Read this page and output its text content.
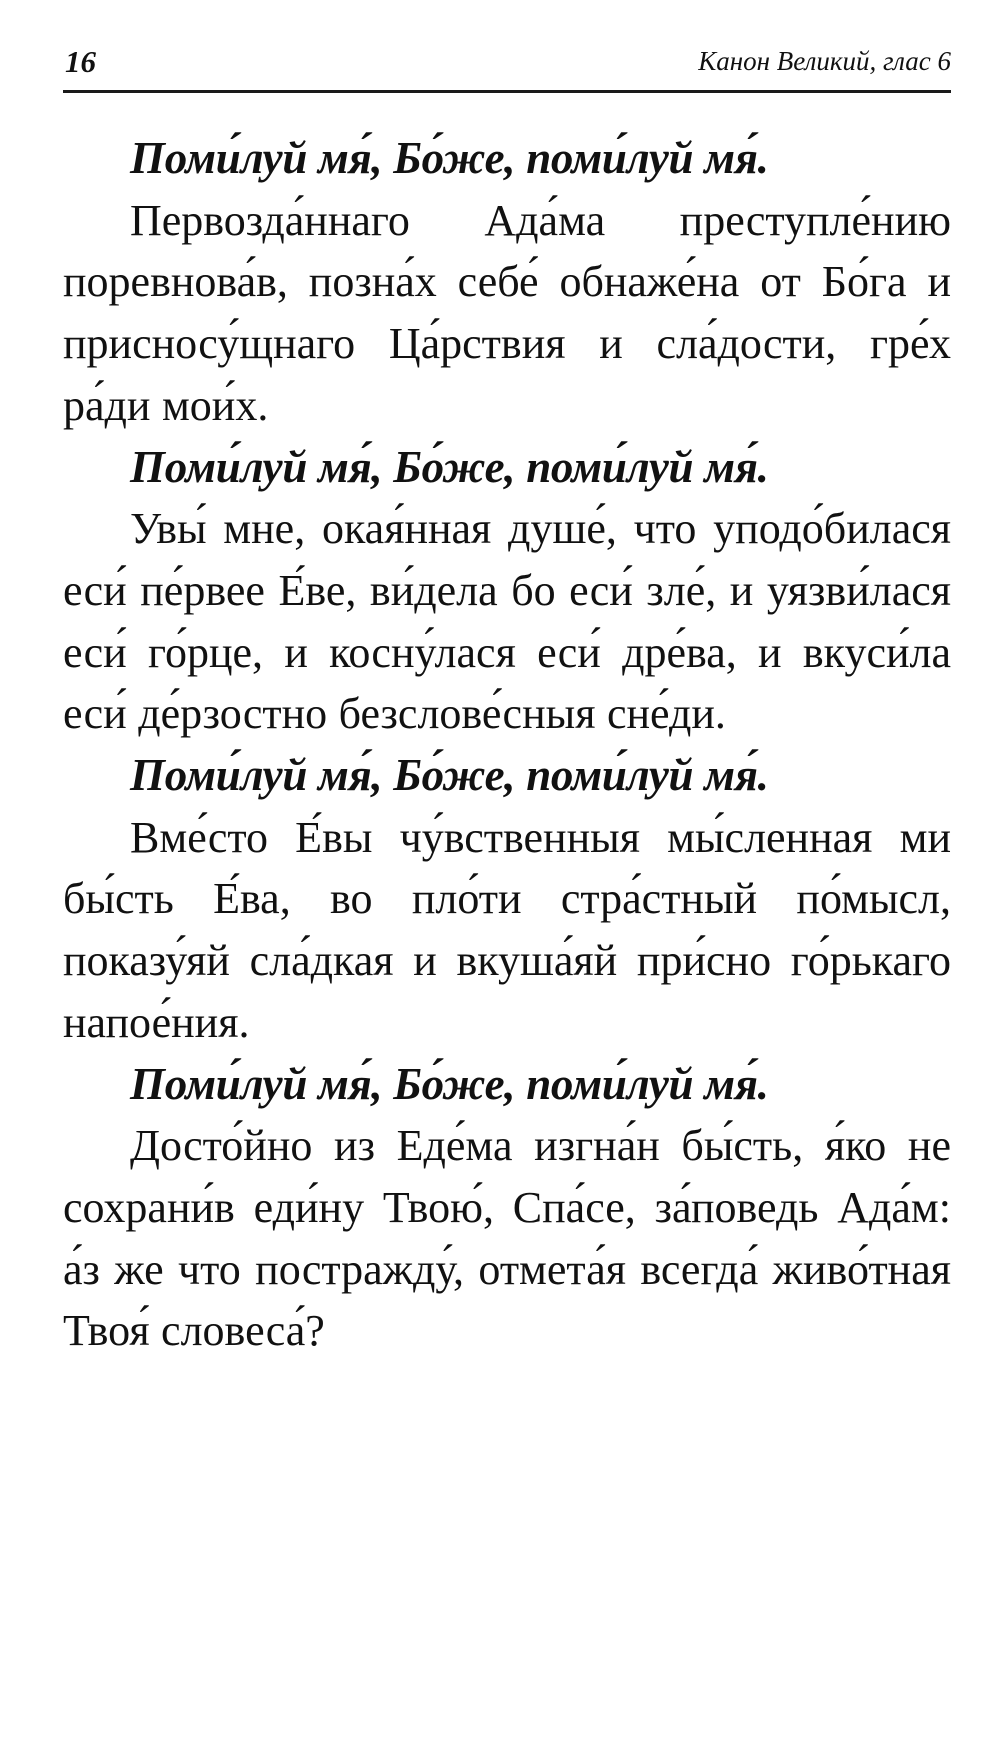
16	Канон Великий, глас 6

Поми́луй мя́, Бо́же, поми́луй мя́.

Первозда́ннаго Ада́ма преступле́нию поревнова́в, позна́х себе́ обнаже́на от Бо́га и присносу́щнаго Ца́рствия и сла́дости, гре́х ра́ди мои́х.

Поми́луй мя́, Бо́же, поми́луй мя́.

Увы́ мне, окая́нная душе́, что уподо́билася еси́ пе́рвее Е́ве, ви́дела бо еси́ зле́, и уязви́лася еси́ го́рце, и косну́лася еси́ дре́ва, и вкуси́ла еси́ де́рзостно безслове́сныя сне́ди.

Поми́луй мя́, Бо́же, поми́луй мя́.

Вме́сто Е́вы чу́вственныя мы́сленная ми бы́сть Е́ва, во пло́ти стра́стный по́мысл, показу́яй сла́дкая и вкуша́яй при́сно го́рькаго напое́ния.

Поми́луй мя́, Бо́же, поми́луй мя́.

Досто́йно из Еде́ма изгна́н бы́сть, я́ко не сохрани́в еди́ну Твою́, Спа́се, за́поведь Ада́м: а́з же что постражду́, отмета́я всегда́ живо́тная Твоя́ словеса́?
